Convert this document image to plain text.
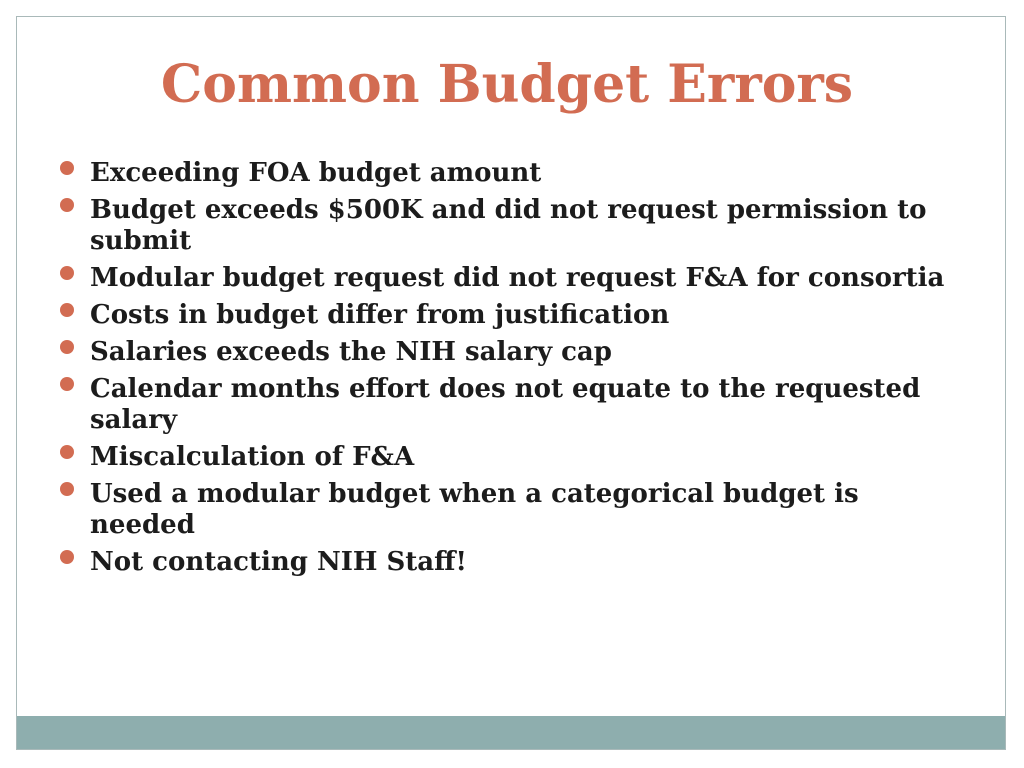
Common Budget Errors
Exceeding FOA budget amount
Budget exceeds $500K and did not request permission to submit
Modular budget request did not request F&A for consortia
Costs in budget differ from justification
Salaries exceeds the NIH salary cap
Calendar months effort does not equate to the requested salary
Miscalculation of F&A
Used a modular budget when a categorical budget is needed
Not contacting NIH Staff!
